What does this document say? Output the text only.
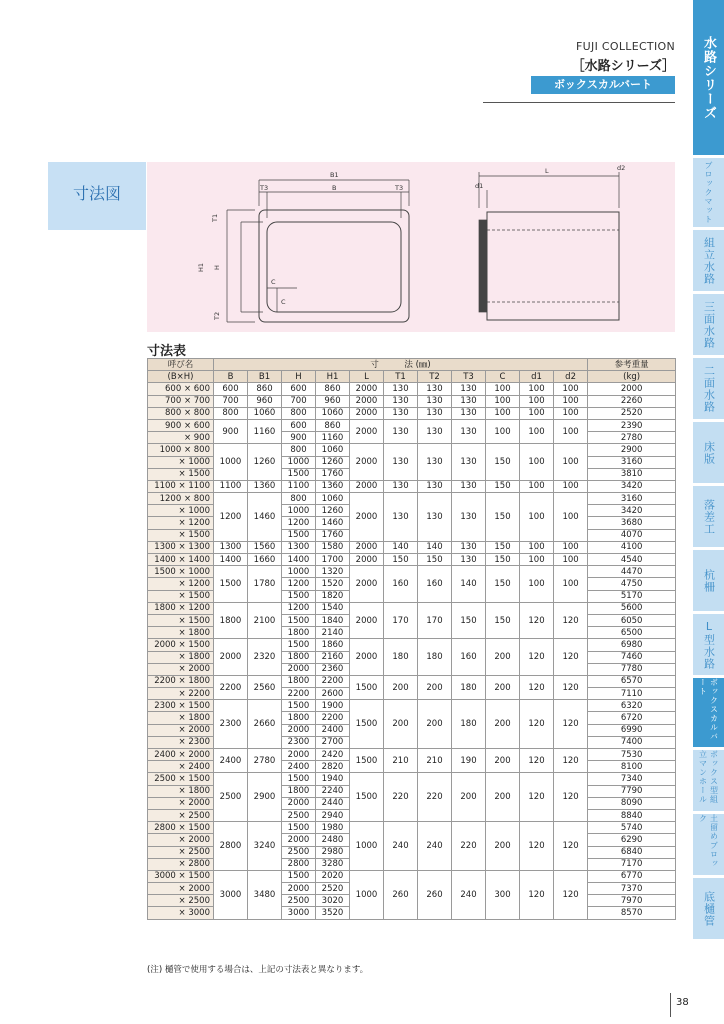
FUJI COLLECTION
［水路シリーズ］
ボックスカルバート
寸法図
B1
T3	B	T3
T1
H1 H
T2
C
C
L
d1
d2
寸法表
呼び名	寸　　　法 (㎜)											参考重量
(B×H)	B	B1	H	H1	L	T1	T2	T3	C	d1	d2	(kg)
600 × 600	600	860	600	860	2000	130	130	130	100	100	100	2000
700 × 700	700	960	700	960	2000	130	130	130	100	100	100	2260
800 × 800	800	1060	800	1060	2000	130	130	130	100	100	100	2520
900 × 600	900	1160	600	860	2000	130	130	130	100	100	100	2390
× 900			900	1160								2780
1000 × 800	1000	1260	800	1060	2000	130	130	130	150	100	100	2900
× 1000			1000	1260								3160
× 1500			1500	1760								3810
1100 × 1100	1100	1360	1100	1360	2000	130	130	130	150	100	100	3420
1200 × 800	1200	1460	800	1060	2000	130	130	130	150	100	100	3160
× 1000			1000	1260								3420
× 1200			1200	1460								3680
× 1500			1500	1760								4070
1300 × 1300	1300	1560	1300	1580	2000	140	140	130	150	100	100	4100
1400 × 1400	1400	1660	1400	1700	2000	150	150	130	150	100	100	4540
1500 × 1000	1500	1780	1000	1320	2000	160	160	140	150	100	100	4470
× 1200			1200	1520								4750
× 1500			1500	1820								5170
1800 × 1200	1800	2100	1200	1540	2000	170	170	150	150	120	120	5600
× 1500			1500	1840								6050
× 1800			1800	2140								6500
2000 × 1500	2000	2320	1500	1860	2000	180	180	160	200	120	120	6980
× 1800			1800	2160								7460
× 2000			2000	2360								7780
2200 × 1800	2200	2560	1800	2200	1500	200	200	180	200	120	120	6570
× 2200			2200	2600								7110
2300 × 1500	2300	2660	1500	1900	1500	200	200	180	200	120	120	6320
× 1800			1800	2200								6720
× 2000			2000	2400								6990
× 2300			2300	2700								7400
2400 × 2000	2400	2780	2000	2420	1500	210	210	190	200	120	120	7530
× 2400			2400	2820								8100
2500 × 1500	2500	2900	1500	1940	1500	220	220	200	200	120	120	7340
× 1800			1800	2240								7790
× 2000			2000	2440								8090
× 2500			2500	2940								8840
2800 × 1500	2800	3240	1500	1980	1000	240	240	220	200	120	120	5740
× 2000			2000	2480								6290
× 2500			2500	2980								6840
× 2800			2800	3280								7170
3000 × 1500	3000	3480	1500	2020	1000	260	260	240	300	120	120	6770
× 2000			2000	2520								7370
× 2500			2500	3020								7970
× 3000			3000	3520								8570
(注) 樋管で使用する場合は、上記の寸法表と異なります。
水路シリーズ
ブロックマット
組立水路
三面水路
二面水路
床版
落差工
杭柵
L型水路
ボックスカルバート
ボックス型組立マンホール
土留めブロック
底樋管
38
